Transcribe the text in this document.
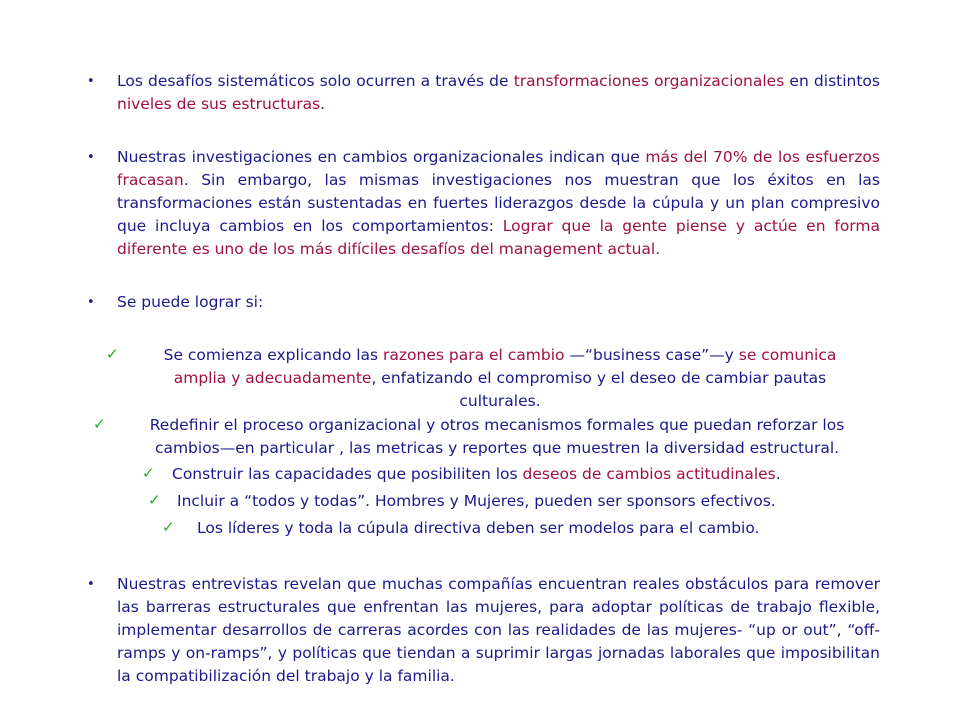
• Los desafíos sistemáticos solo ocurren a través de transformaciones organizacionales en distintos niveles de sus estructuras.
• Nuestras investigaciones en cambios organizacionales indican que más del 70% de los esfuerzos fracasan. Sin embargo, las mismas investigaciones nos muestran que los éxitos en las transformaciones están sustentadas en fuertes liderazgos desde la cúpula y un plan compresivo que incluya cambios en los comportamientos: Lograr que la gente piense y actúe en forma diferente es uno de los más difíciles desafíos del management actual.
• Se puede lograr si:
✓	Se comienza explicando las razones para el cambio —“business case”—y se comunica amplia y adecuadamente, enfatizando el compromiso y el deseo de cambiar pautas culturales.
✓	Redefinir el proceso organizacional y otros mecanismos formales que puedan reforzar los cambios—en particular , las metricas y reportes que muestren la diversidad estructural.
✓ Construir las capacidades que posibiliten los deseos de cambios actitudinales.
✓ Incluir a “todos y todas”. Hombres y Mujeres, pueden ser sponsors efectivos.
✓ Los líderes y toda la cúpula directiva deben ser modelos para el cambio.
• Nuestras entrevistas revelan que muchas compañías encuentran reales obstáculos para remover las barreras estructurales que enfrentan las mujeres, para adoptar políticas de trabajo flexible, implementar desarrollos de carreras acordes con las realidades de las mujeres- “up or out”, “off-ramps y on-ramps”, y políticas que tiendan a suprimir largas jornadas laborales que imposibilitan la compatibilización del trabajo y la familia.
